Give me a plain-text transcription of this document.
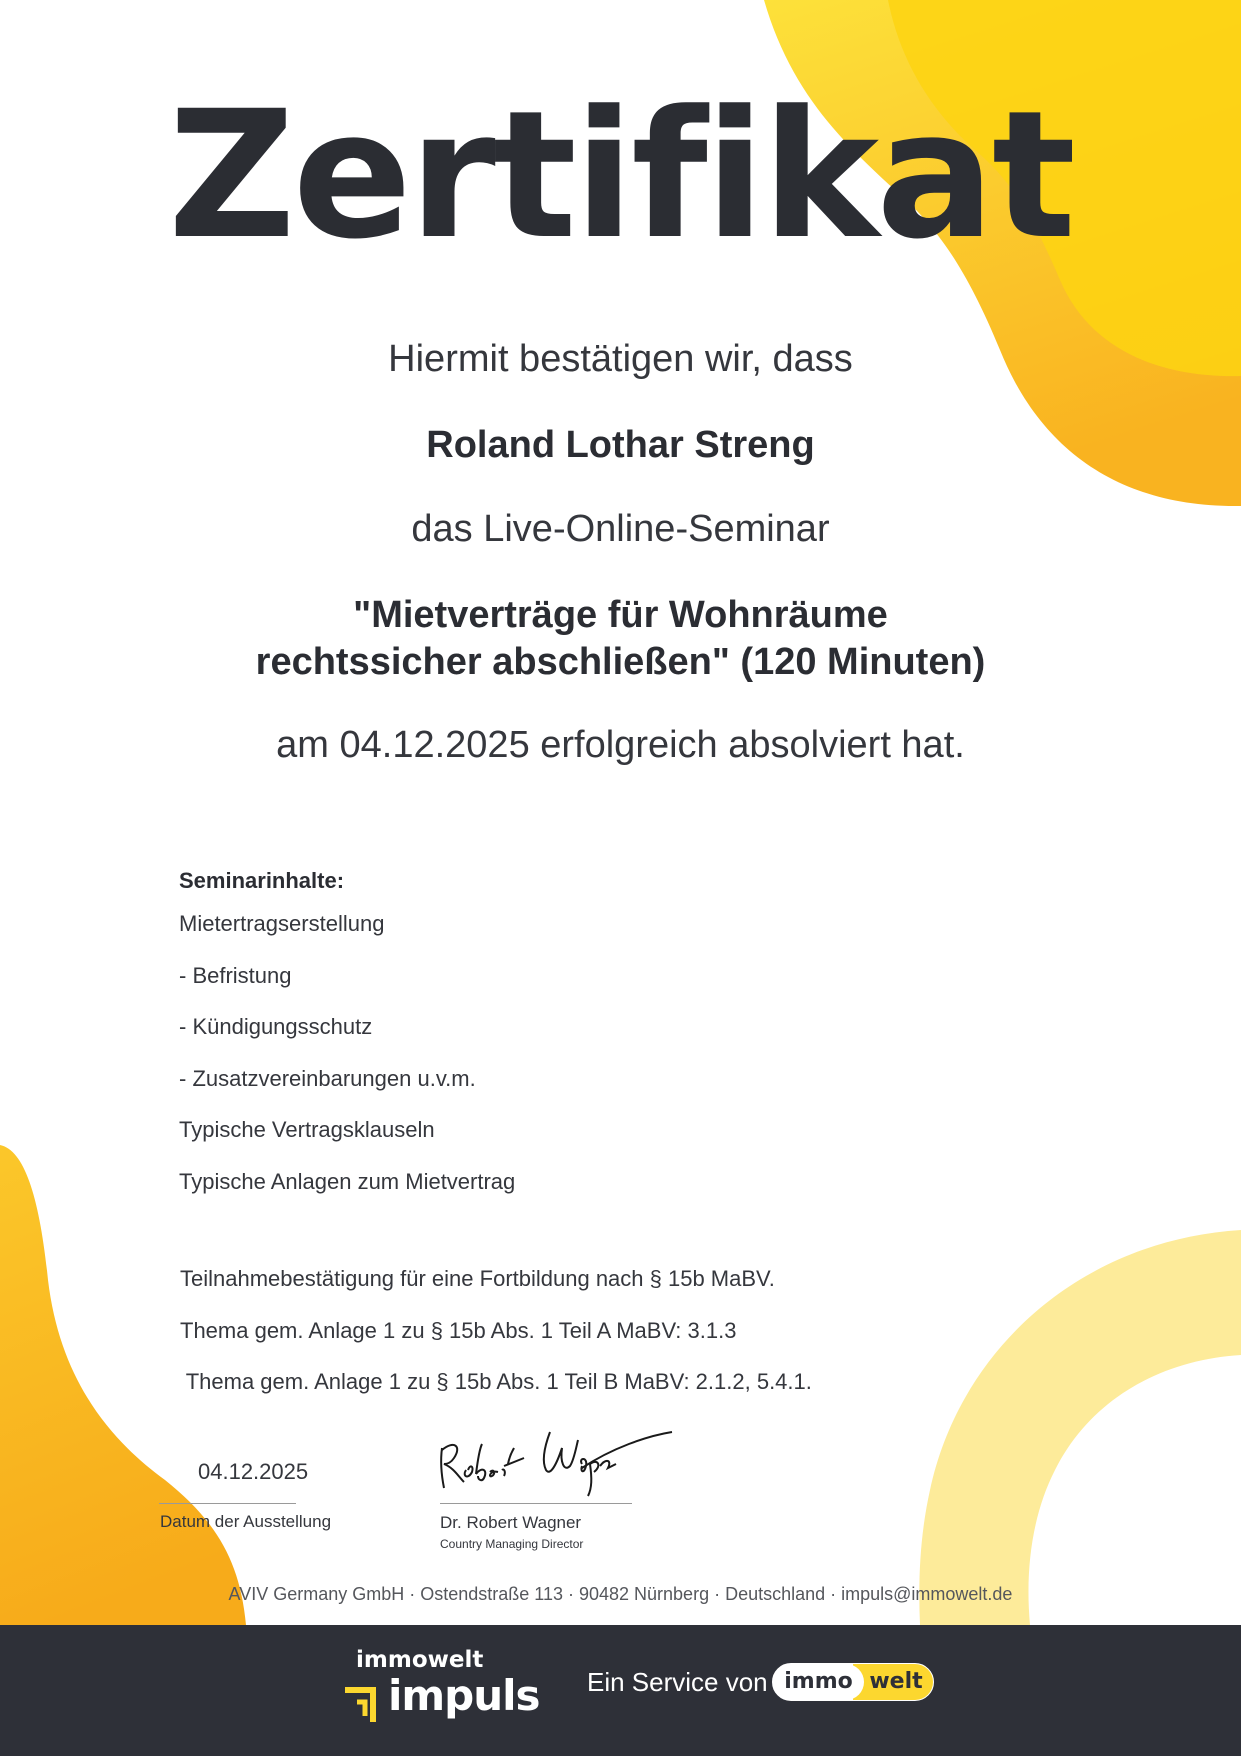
Zertifikat
Hiermit bestätigen wir, dass
Roland Lothar Streng
das Live-Online-Seminar
"Mietverträge für Wohnräume
rechtssicher abschließen" (120 Minuten)
am 04.12.2025 erfolgreich absolviert hat.
Seminarinhalte:
Mietertragserstellung
- Befristung
- Kündigungsschutz
- Zusatzvereinbarungen u.v.m.
Typische Vertragsklauseln
Typische Anlagen zum Mietvertrag
Teilnahmebestätigung für eine Fortbildung nach § 15b MaBV.
Thema gem. Anlage 1 zu § 15b Abs. 1 Teil A MaBV: 3.1.3
Thema gem. Anlage 1 zu § 15b Abs. 1 Teil B MaBV: 2.1.2, 5.4.1.
04.12.2025
Datum der Ausstellung	Dr. Robert Wagner
Country Managing Director
AVIV Germany GmbH · Ostendstraße 113 · 90482 Nürnberg · Deutschland · impuls@immowelt.de
immowelt
impuls Ein Service von	welt
immo
